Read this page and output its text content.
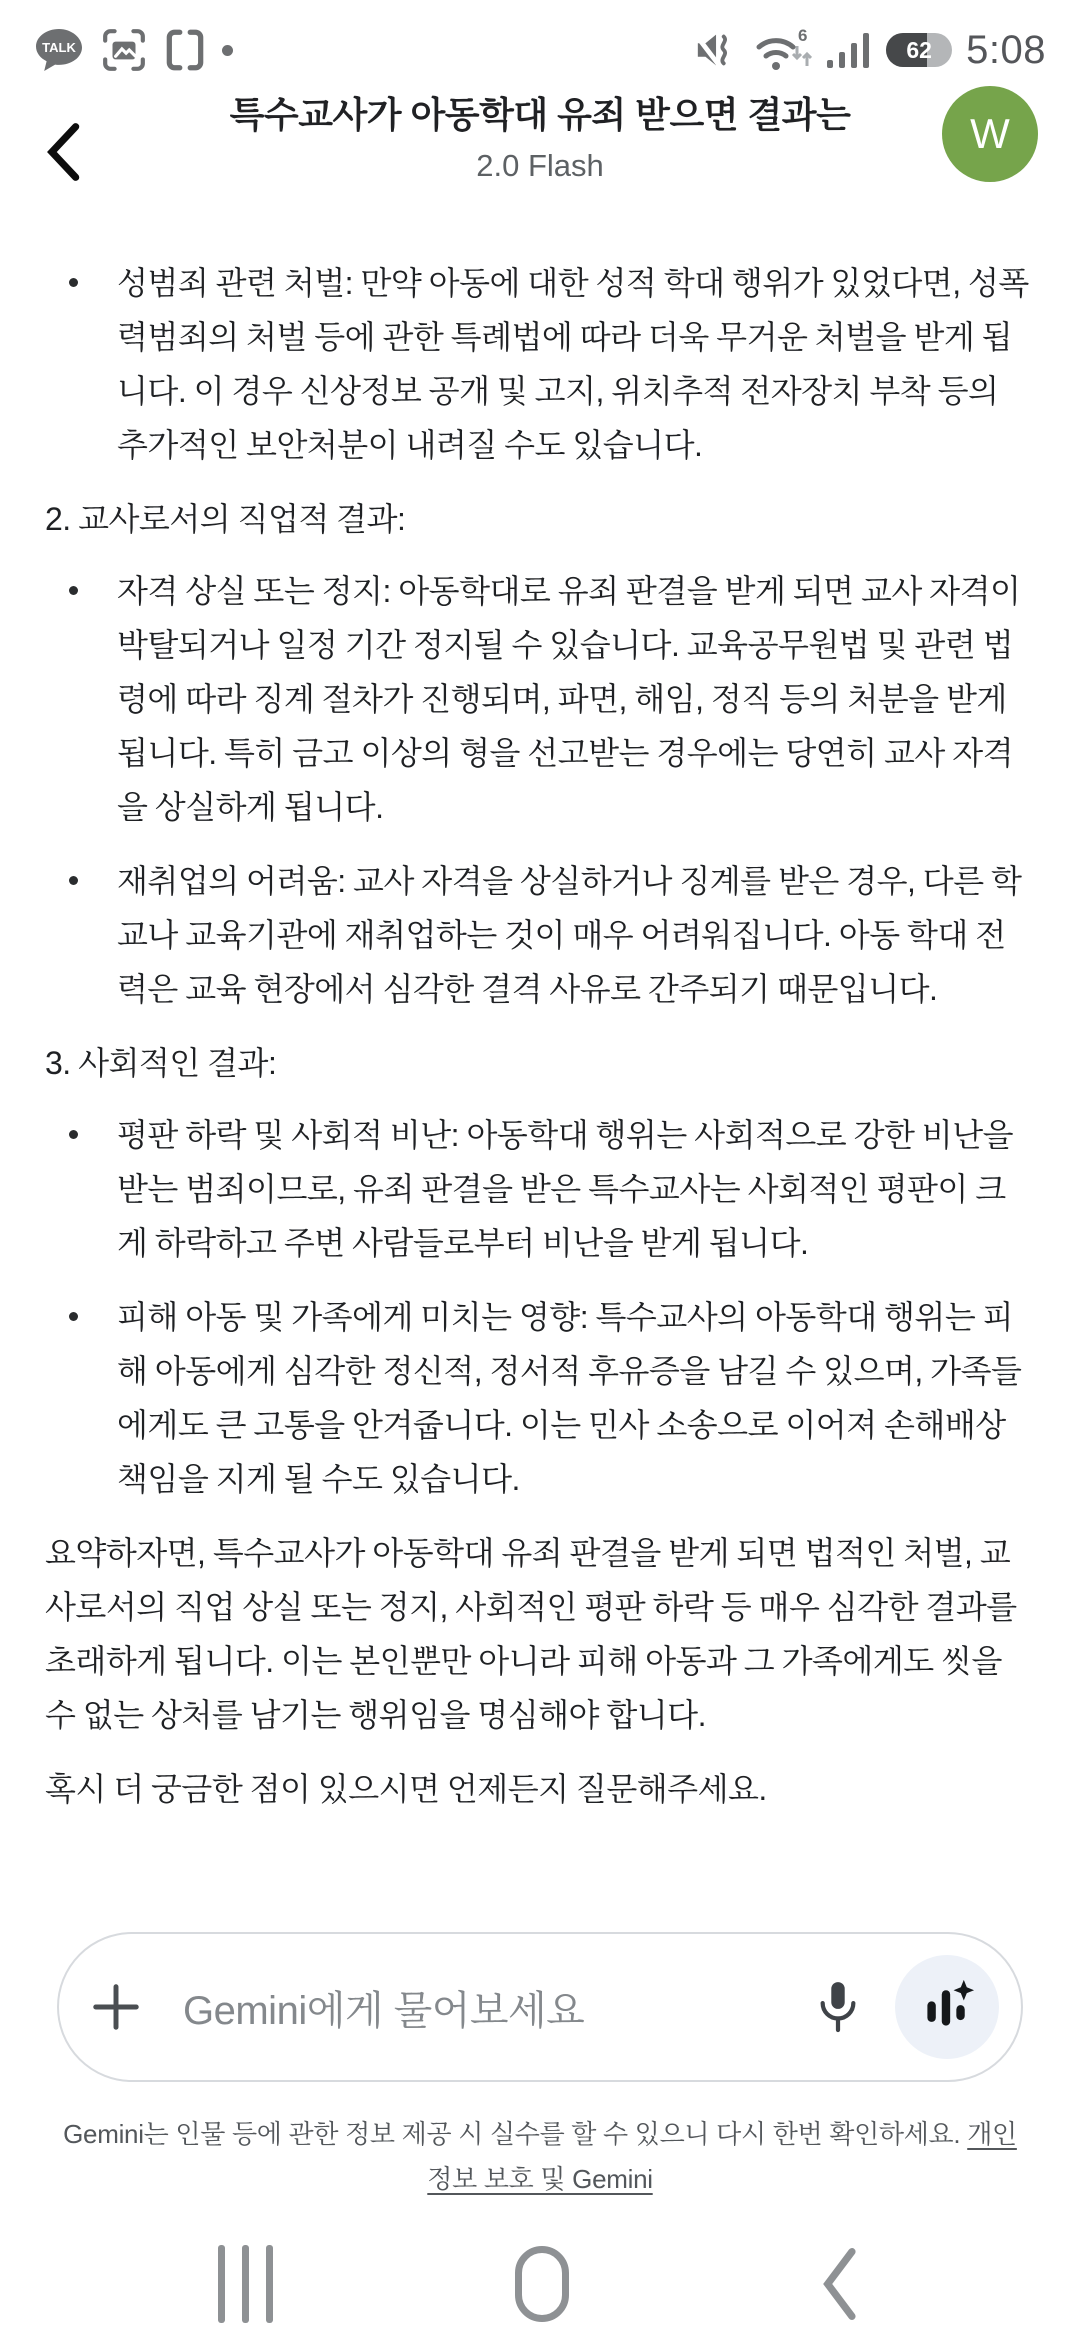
TALK
6
62 5:08
특수교사가 아동학대 유죄 받으면 결과는
2.0 Flash
W
성범죄 관련 처벌: 만약 아동에 대한 성적 학대 행위가 있었다면, 성폭력범죄의 처벌 등에 관한 특례법에 따라 더욱 무거운 처벌을 받게 됩니다. 이 경우 신상정보 공개 및 고지, 위치추적 전자장치 부착 등의 추가적인 보안처분이 내려질 수도 있습니다.
2. 교사로서의 직업적 결과:
자격 상실 또는 정지: 아동학대로 유죄 판결을 받게 되면 교사 자격이 박탈되거나 일정 기간 정지될 수 있습니다. 교육공무원법 및 관련 법령에 따라 징계 절차가 진행되며, 파면, 해임, 정직 등의 처분을 받게 됩니다. 특히 금고 이상의 형을 선고받는 경우에는 당연히 교사 자격을 상실하게 됩니다.
재취업의 어려움: 교사 자격을 상실하거나 징계를 받은 경우, 다른 학교나 교육기관에 재취업하는 것이 매우 어려워집니다. 아동 학대 전력은 교육 현장에서 심각한 결격 사유로 간주되기 때문입니다.
3. 사회적인 결과:
평판 하락 및 사회적 비난: 아동학대 행위는 사회적으로 강한 비난을 받는 범죄이므로, 유죄 판결을 받은 특수교사는 사회적인 평판이 크게 하락하고 주변 사람들로부터 비난을 받게 됩니다.
피해 아동 및 가족에게 미치는 영향: 특수교사의 아동학대 행위는 피해 아동에게 심각한 정신적, 정서적 후유증을 남길 수 있으며, 가족들에게도 큰 고통을 안겨줍니다. 이는 민사 소송으로 이어져 손해배상 책임을 지게 될 수도 있습니다.
요약하자면, 특수교사가 아동학대 유죄 판결을 받게 되면 법적인 처벌, 교사로서의 직업 상실 또는 정지, 사회적인 평판 하락 등 매우 심각한 결과를 초래하게 됩니다. 이는 본인뿐만 아니라 피해 아동과 그 가족에게도 씻을 수 없는 상처를 남기는 행위임을 명심해야 합니다.
혹시 더 궁금한 점이 있으시면 언제든지 질문해주세요.
Gemini에게 물어보세요
Gemini는 인물 등에 관한 정보 제공 시 실수를 할 수 있으니 다시 한번 확인하세요. 개인 정보 보호 및 Gemini
